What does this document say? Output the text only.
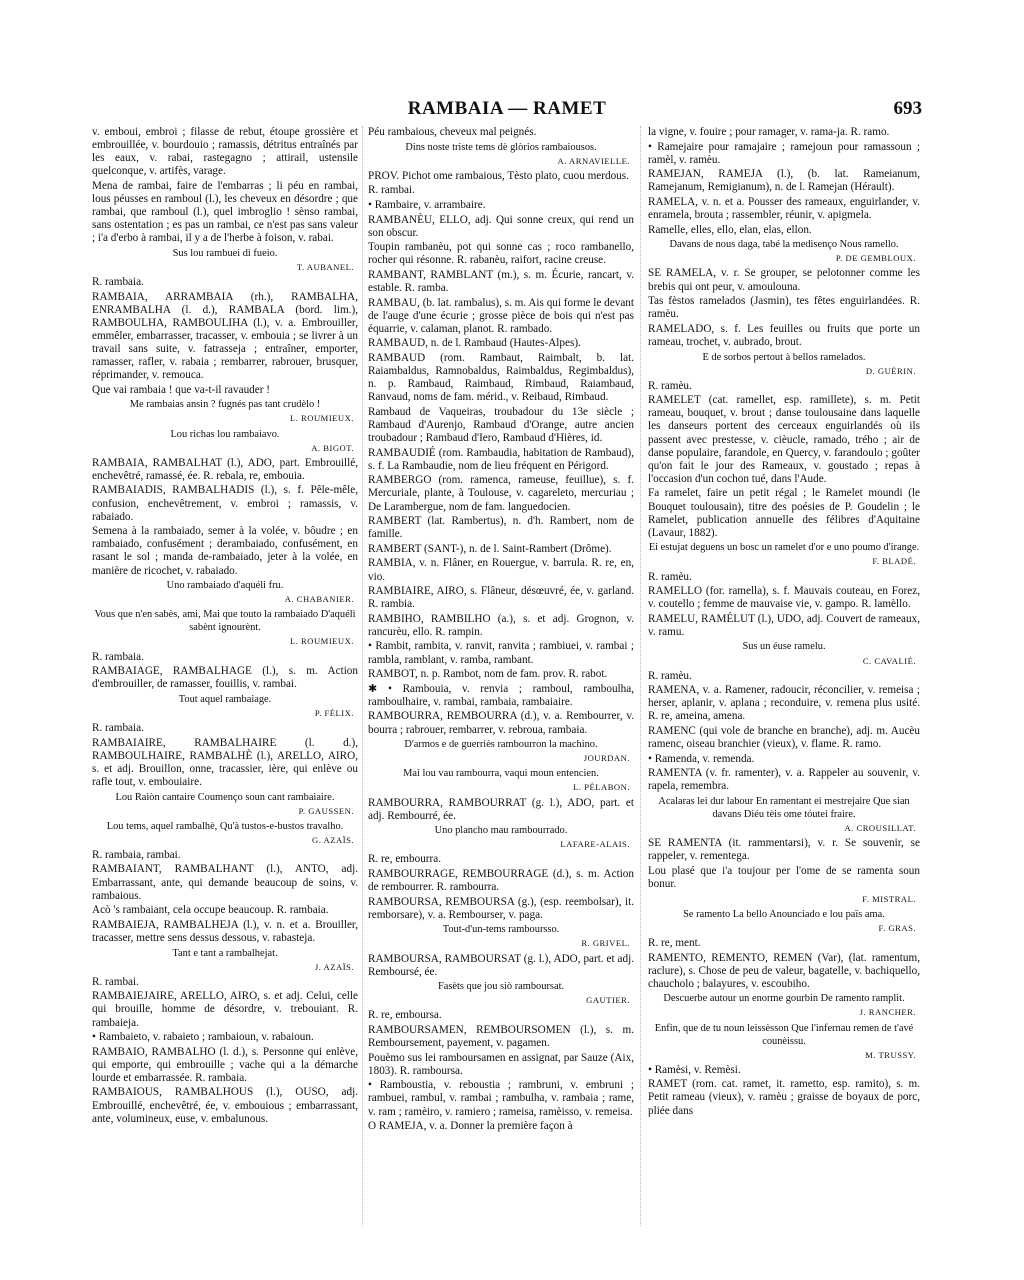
RAMBAIA — RAMET	693

v. emboui, embroi ; filasse de rebut, étoupe grossière et embrouillée, v. bourdouio ; ramassis, détritus entraînés par les eaux, v. rabai, rastegagno ; attirail, ustensile quelconque, v. artifès, varage.

Mena de rambai, faire de l'embarras ; li péu en rambai, lous péusses en ramboul (l.), les cheveux en désordre ; que rambai, que ramboul (l.), quel imbroglio ! sènso rambai, sans ostentation ; es pas un rambai, ce n'est pas sans valeur ; i'a d'erbo à rambai, il y a de l'herbe à foison, v. rabai.

Sus lou rambuei di fueio.

T. AUBANEL.

R. rambaia.

RAMBAIA, ARRAMBAIA (rh.), RAMBALHA, ENRAMBALHA (l. d.), RAMBALA (bord. lim.), RAMBOULHA, RAMBOULIHA (l.), v. a. Embrouiller, emmêler, embarrasser, tracasser, v. embouia ; se livrer à un travail sans suite, v. fatrasseja ; entraîner, emporter, ramasser, rafler, v. rabaia ; rembarrer, rabrouer, brusquer, réprimander, v. remouca.

Que vai rambaia ! que va-t-il ravauder !

Me rambaias ansin ? fugnés pas tant crudèlo !

L. ROUMIEUX.

Lou richas lou rambaiavo.

A. BIGOT.

RAMBAIA, RAMBALHAT (l.), ADO, part. Embrouillé, enchevêtré, ramassé, ée. R. rebala, re, embouia.

RAMBAIADIS, RAMBALHADIS (l.), s. f. Pêle-mêle, confusion, enchevêtrement, v. embroi ; ramassis, v. rabaiado.

Semena à la rambaiado, semer à la volée, v. bôudre ; en rambaiado, confusément ; derambaiado, confusément, en rasant le sol ; manda de-rambaiado, jeter à la volée, en manière de ricochet, v. rabaiado.

Uno rambaiado d'aquéli fru.

A. CHABANIER.

Vous que n'en sabès, ami, Mai que touto la rambaiado D'aquéli sabènt ignourènt.

L. ROUMIEUX.

R. rambaia.

RAMBAIAGE, RAMBALHAGE (l.), s. m. Action d'embrouiller, de ramasser, fouillis, v. rambai.

Tout aquel rambaiage.

P. FÉLIX.

R. rambaia.

RAMBAIAIRE, RAMBALHAIRE (l. d.), RAMBOULHAIRE, RAMBALHÈ (l.), ARELLO, AIRO, s. et adj. Brouillon, onne, tracassier, ière, qui enlève ou rafle tout, v. embouiaire.

Lou Raiòn cantaire Coumenço soun cant rambaiaire.

P. GAUSSEN.

Lou tems, aquel rambalhè, Qu'à tustos-e-bustos travalho.

G. AZAÏS.

R. rambaia, rambai.

RAMBAIANT, RAMBALHANT (l.), ANTO, adj. Embarrassant, ante, qui demande beaucoup de soins, v. rambaious.

Acò 's rambaiant, cela occupe beaucoup. R. rambaia.

RAMBAIEJA, RAMBALHEJA (l.), v. n. et a. Brouiller, tracasser, mettre sens dessus dessous, v. rabasteja.

Tant e tant a rambalhejat.

J. AZAÏS.

R. rambai.

RAMBAIEJAIRE, ARELLO, AIRO, s. et adj. Celui, celle qui brouille, homme de désordre, v. trebouiant. R. rambaieja.

• Rambaieto, v. rabaieto ; rambaioun, v. rabaioun.

RAMBAIO, RAMBALHO (l. d.), s. Personne qui enlève, qui emporte, qui embrouille ; vache qui a la démarche lourde et embarrassée. R. rambaia.

RAMBAIOUS, RAMBALHOUS (l.), OUSO, adj. Embrouillé, enchevêtré, ée, v. embouious ; embarrassant, ante, volumineux, euse, v. embalunous.

Péu rambaious, cheveux mal peignés.

Dins noste triste tems dè glòrios rambaiousos.

A. ARNAVIELLE.

PROV. Pichot ome rambaious, Tèsto plato, cuou merdous.

R. rambai.

• Rambaire, v. arrambaire.

RAMBANÈU, ELLO, adj. Qui sonne creux, qui rend un son obscur.

Toupin rambanèu, pot qui sonne cas ; roco rambanello, rocher qui résonne. R. rabanèu, raifort, racine creuse.

RAMBANT, RAMBLANT (m.), s. m. Écurie, rancart, v. estable. R. ramba.

RAMBAU, (b. lat. rambalus), s. m. Ais qui forme le devant de l'auge d'une écurie ; grosse pièce de bois qui n'est pas équarrie, v. calaman, planot. R. rambado.

RAMBAUD, n. de l. Rambaud (Hautes-Alpes).

RAMBAUD (rom. Rambaut, Raimbalt, b. lat. Raiambaldus, Ramnobaldus, Raimbaldus, Regimbaldus), n. p. Rambaud, Raimbaud, Rimbaud, Raiambaud, Ranvaud, noms de fam. mérid., v. Reibaud, Rimbaud.

Rambaud de Vaqueiras, troubadour du 13e siècle ; Rambaud d'Aurenjo, Rambaud d'Orange, autre ancien troubadour ; Rambaud d'Iero, Rambaud d'Hières, id.

RAMBAUDIÉ (rom. Rambaudia, habitation de Rambaud), s. f. La Rambaudie, nom de lieu fréquent en Périgord.

RAMBERGO (rom. ramenca, rameuse, feuillue), s. f. Mercuriale, plante, à Toulouse, v. cagareleto, mercuriau ; De Larambergue, nom de fam. languedocien.

RAMBERT (lat. Rambertus), n. d'h. Rambert, nom de famille.

RAMBERT (SANT-), n. de l. Saint-Rambert (Drôme).

RAMBIA, v. n. Flâner, en Rouergue, v. barrula. R. re, en, vio.

RAMBIAIRE, AIRO, s. Flâneur, désœuvré, ée, v. garland. R. rambia.

RAMBIHO, RAMBILHO (a.), s. et adj. Grognon, v. rancurèu, ello. R. rampin.

• Rambit, rambita, v. ranvit, ranvita ; rambiuei, v. rambai ; rambla, ramblant, v. ramba, rambant.

RAMBOT, n. p. Rambot, nom de fam. prov. R. rabot.

✱ • Rambouia, v. renvia ; ramboul, ramboulha, ramboulhaire, v. rambai, rambaia, rambaiaire.

RAMBOURRA, REMBOURRA (d.), v. a. Rembourrer, v. bourra ; rabrouer, rembarrer, v. rebroua, rambaia.

D'armos e de guerriès rambourron la machino.

JOURDAN.

Mai lou vau rambourra, vaqui moun entencien.

L. PÉLABON.

RAMBOURRA, RAMBOURRAT (g. l.), ADO, part. et adj. Rembourré, ée.

Uno plancho mau rambourrado.

LAFARE-ALAIS.

R. re, embourra.

RAMBOURRAGE, REMBOURRAGE (d.), s. m. Action de rembourrer. R. rambourra.

RAMBOURSA, REMBOURSA (g.), (esp. reembolsar), it. remborsare), v. a. Rembourser, v. paga.

Tout-d'un-tems ramboursso.

R. GRIVEL.

RAMBOURSA, RAMBOURSAT (g. l.), ADO, part. et adj. Remboursé, ée.

Fasèts que jou siò ramboursat.

GAUTIER.

R. re, emboursa.

RAMBOURSAMEN, REMBOURSOMEN (l.), s. m. Remboursement, payement, v. pagamen.

Pouèmo sus lei ramboursamen en assignat, par Sauze (Aix, 1803). R. ramboursa.

• Ramboustia, v. reboustia ; rambruni, v. embruni ; rambuei, rambul, v. rambai ; rambulha, v. rambaia ; rame, v. ram ; ramèiro, v. ramiero ; rameisa, ramèisso, v. remeisa.

O RAMEJA, v. a. Donner la première façon à

la vigne, v. fouire ; pour ramager, v. rama-ja. R. ramo.

• Ramejaire pour ramajaire ; ramejoun pour ramassoun ; ramèl, v. ramèu.

RAMEJAN, RAMEJA (l.), (b. lat. Rameianum, Ramejanum, Remigianum), n. de l. Ramejan (Hérault).

RAMELA, v. n. et a. Pousser des rameaux, enguirlander, v. enramela, brouta ; rassembler, réunir, v. apigmela.

Ramelle, elles, ello, elan, elas, ellon.

Davans de nous daga, tabé la medisenço Nous ramello.

P. DE GEMBLOUX.

SE RAMELA, v. r. Se grouper, se pelotonner comme les brebis qui ont peur, v. amoulouna.

Tas fèstos ramelados (Jasmin), tes fêtes enguirlandées. R. ramèu.

RAMELADO, s. f. Les feuilles ou fruits que porte un rameau, trochet, v. aubrado, brout.

E de sorbos pertout à bellos ramelados.

D. GUÉRIN.

R. ramèu.

RAMELET (cat. ramellet, esp. ramillete), s. m. Petit rameau, bouquet, v. brout ; danse toulousaine dans laquelle les danseurs portent des cerceaux enguirlandés où ils passent avec prestesse, v. cièucle, ramado, trého ; air de danse populaire, farandole, en Quercy, v. farandoulo ; goûter qu'on fait le jour des Rameaux, v. goustado ; repas à l'occasion d'un cochon tué, dans l'Aude.

Fa ramelet, faire un petit régal ; le Ramelet moundi (le Bouquet toulousain), titre des poésies de P. Goudelin ; le Ramelet, publication annuelle des félibres d'Aquitaine (Lavaur, 1882).

Ei estujat deguens un bosc un ramelet d'or e uno poumo d'irange.

F. BLADÉ.

R. ramèu.

RAMELLO (for. ramella), s. f. Mauvais couteau, en Forez, v. coutello ; femme de mauvaise vie, v. gampo. R. lamèllo.

RAMELU, RAMÉLUT (l.), UDO, adj. Couvert de rameaux, v. ramu.

Sus un éuse ramelu.

C. CAVALIÉ.

R. ramèu.

RAMENA, v. a. Ramener, radoucir, réconcilier, v. remeisa ; herser, aplanir, v. aplana ; reconduire, v. remena plus usité. R. re, ameina, amena.

RAMENC (qui vole de branche en branche), adj. m. Aucèu ramenc, oiseau branchier (vieux), v. flame. R. ramo.

• Ramenda, v. remenda.

RAMENTA (v. fr. ramenter), v. a. Rappeler au souvenir, v. rapela, remembra.

Acalaras lei dur labour En ramentant ei mestrejaire Que sian davans Diéu tèis ome tóutei fraire.

A. CROUSILLAT.

SE RAMENTA (it. rammentarsi), v. r. Se souvenir, se rappeler, v. rementega.

Lou plasé que i'a toujour per l'ome de se ramenta soun bonur.

F. MISTRAL.

Se ramento La bello Anounciado e lou païs ama.

F. GRAS.

R. re, ment.

RAMENTO, REMENTO, REMEN (Var), (lat. ramentum, raclure), s. Chose de peu de valeur, bagatelle, v. bachiquello, chaucholo ; balayures, v. escoubiho.

Descuerbe autour un enorme gourbin De ramento ramplit.

J. RANCHER.

Enfin, que de tu noun leissèsson Que l'infernau remen de t'avé counèissu.

M. TRUSSY.

• Ramèsi, v. Remèsi.

RAMET (rom. cat. ramet, it. rametto, esp. ramito), s. m. Petit rameau (vieux), v. ramèu ; graisse de boyaux de porc, pliée dans
